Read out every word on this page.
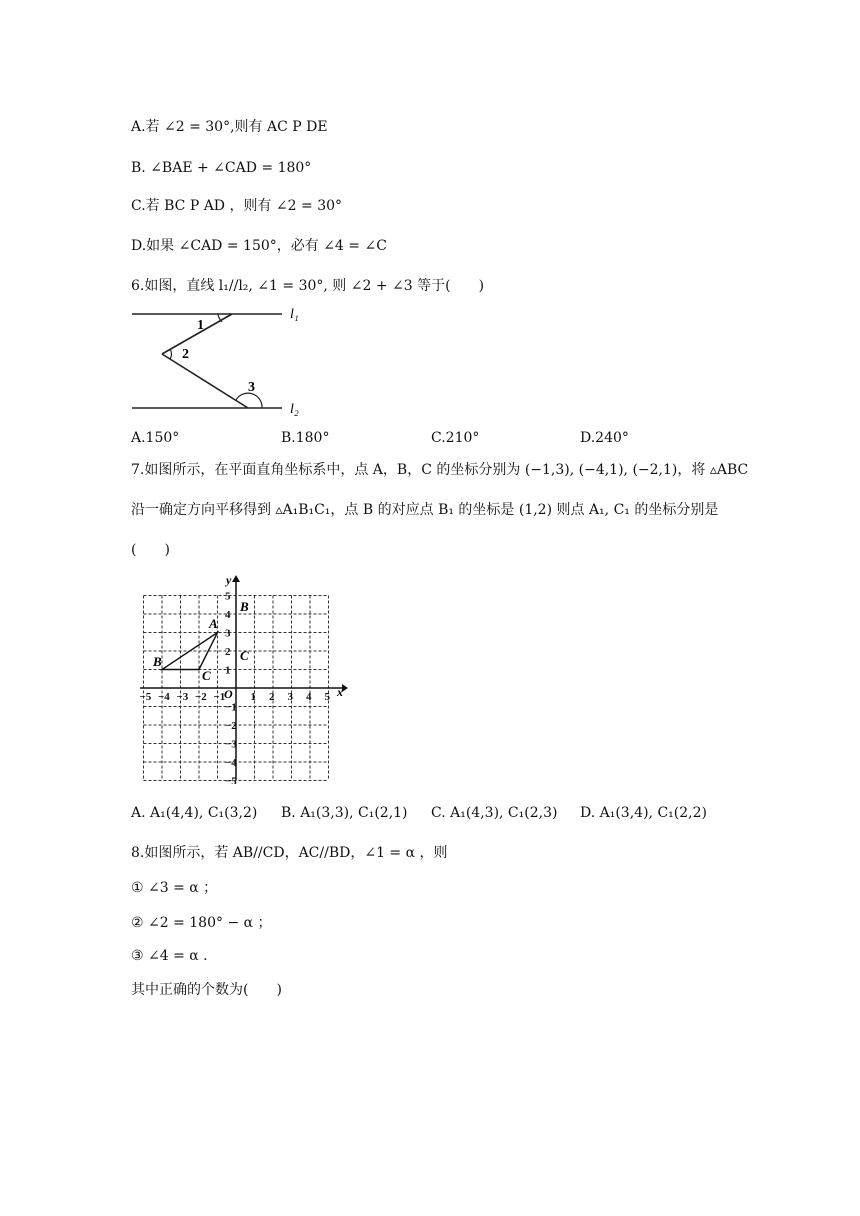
A.若 ∠2 = 30°,则有 AC P DE
B. ∠BAE + ∠CAD = 180°
C.若 BC P AD ，则有 ∠2 = 30°
D.如果 ∠CAD = 150°，必有 ∠4 = ∠C
6.如图，直线 l₁//l₂, ∠1 = 30°, 则 ∠2 + ∠3 等于(　　)
1
2
3
l₁
l₂
A.150°	B.180°	C.210°	D.240°
7.如图所示，在平面直角坐标系中，点 A，B，C 的坐标分别为 (−1,3), (−4,1), (−2,1)，将 ▵ABC
沿一确定方向平移得到 ▵A₁B₁C₁，点 B 的对应点 B₁ 的坐标是 (1,2) 则点 A₁, C₁ 的坐标分别是
(　　)
−5 −4 −3 −2 −1 1 2 3 4 5
5
4
3
2
1
−1
−2
−3
−4
−5
x
y
O
A
B
C
B
C
A. A₁(4,4), C₁(3,2) B. A₁(3,3), C₁(2,1) C. A₁(4,3), C₁(2,3) D. A₁(3,4), C₁(2,2)
8.如图所示，若 AB//CD，AC//BD，∠1 = α ，则
① ∠3 = α ；
② ∠2 = 180° − α ；
③ ∠4 = α .
其中正确的个数为(　　)
